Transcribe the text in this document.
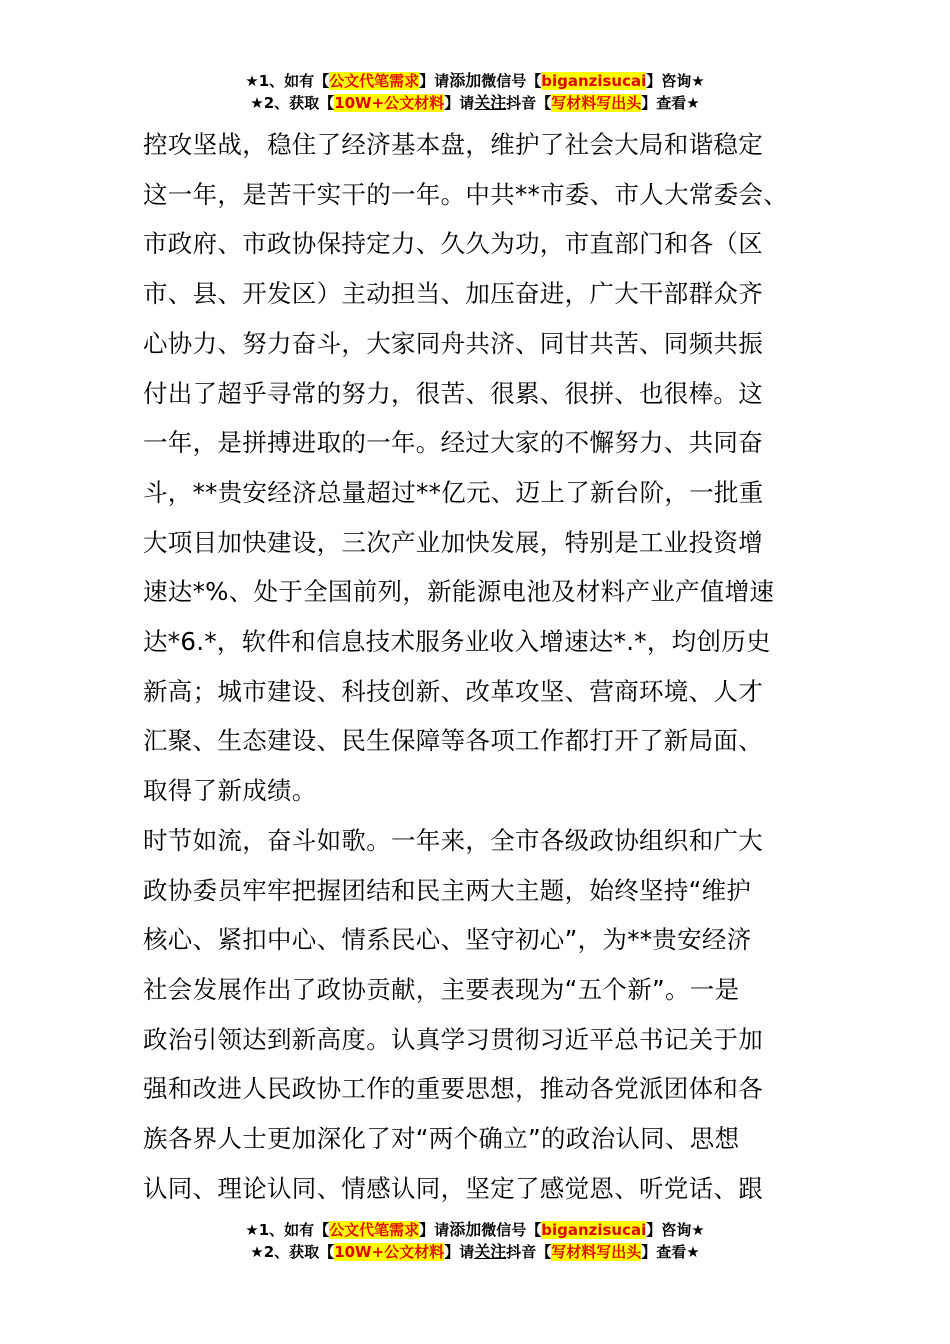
★1、如有【公文代笔需求】请添加微信号【biganzisucai】咨询★
★2、获取【10W+公文材料】请关注抖音【写材料写出头】查看★

控攻坚战，稳住了经济基本盘，维护了社会大局和谐稳定

这一年，是苦干实干的一年。中共**市委、市人大常委会、

市政府、市政协保持定力、久久为功，市直部门和各（区

市、县、开发区）主动担当、加压奋进，广大干部群众齐

心协力、努力奋斗，大家同舟共济、同甘共苦、同频共振

付出了超乎寻常的努力，很苦、很累、很拼、也很棒。这

一年，是拼搏进取的一年。经过大家的不懈努力、共同奋

斗，**贵安经济总量超过**亿元、迈上了新台阶，一批重

大项目加快建设，三次产业加快发展，特别是工业投资增

速达*%、处于全国前列，新能源电池及材料产业产值增速

达*6.*，软件和信息技术服务业收入增速达*.*，均创历史

新高；城市建设、科技创新、改革攻坚、营商环境、人才

汇聚、生态建设、民生保障等各项工作都打开了新局面、

取得了新成绩。

时节如流，奋斗如歌。一年来，全市各级政协组织和广大

政协委员牢牢把握团结和民主两大主题，始终坚持“维护

核心、紧扣中心、情系民心、坚守初心”，为**贵安经济

社会发展作出了政协贡献，主要表现为“五个新”。一是

政治引领达到新高度。认真学习贯彻习近平总书记关于加

强和改进人民政协工作的重要思想，推动各党派团体和各

族各界人士更加深化了对“两个确立”的政治认同、思想

认同、理论认同、情感认同，坚定了感觉恩、听党话、跟

★1、如有【公文代笔需求】请添加微信号【biganzisucai】咨询★
★2、获取【10W+公文材料】请关注抖音【写材料写出头】查看★
